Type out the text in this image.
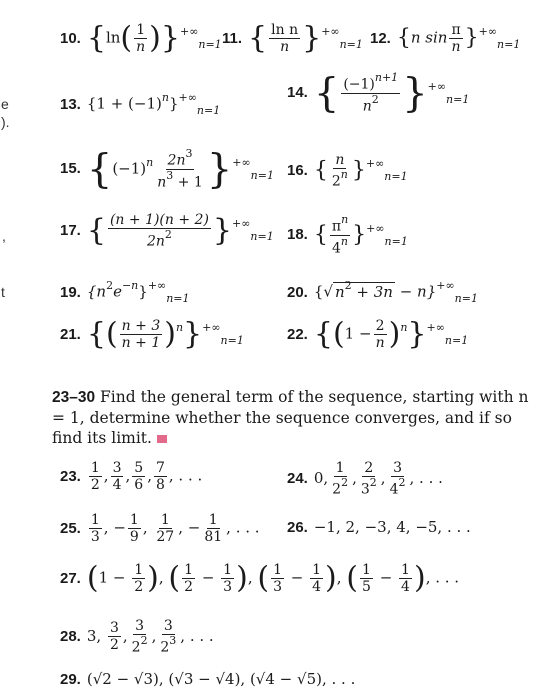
e
).
,
t
10. $\{\ln( \frac{1}{n} )\}+\infty n=1$ 11. { $\frac{\text{ln n}}{n} \}+\infty n=1$ 12. {n $\sin \frac{\pi}{n} \}+\infty n=1$
13. {1 + (−1)n}+∞n=1
14. { $\frac{(-1)n+1}{n2} \}+\infty n=1$
15. $\{(-1)n \frac{2n3}{n3 + 1} \}+\infty n=1$ 16. { $\frac{n}{2n} \}+\infty n=1$
17. { $\frac{(n + 1)(n + 2)}{2n2} \}+\infty n=1$ 18. { $\frac{\pi n}{4n} \}+\infty n=1$
19. {n2e−n}+∞n=1	20. {√ n2 + 3n − n}+∞n=1
21. {( $\frac{n + 3}{n + 1} )n\}+\infty n=1$	22. $\{(1 - \frac{2}{n} )n\}+\infty n=1$
23–30 Find the general term of the sequence, starting with n = 1, determine whether the sequence converges, and if so find its limit.
23. $\frac{1}{2}$ , $\frac{3}{4}$ , $\frac{5}{6}$ , $\frac{7}{8}$ , . . .	24. 0, $\frac{1}{22}$ , $\frac{2}{32}$ , $\frac{3}{42}$ , . . .
25. $\frac{1}{3}$ , − $\frac{1}{9}$ , $\frac{1}{27}$ , − $\frac{1}{81}$ , . . . 26. −1, 2, −3, 4, −5, . . .
27. ($1 - \frac{1}{2}$ ), ( $\frac{1}{2} - \frac{1}{3}$ ), ( $\frac{1}{3} - \frac{1}{4}$ ), ( $\frac{1}{5} - \frac{1}{4}$ ), . . .
28. 3, $\frac{3}{2}$ , $\frac{3}{22}$ , $\frac{3}{23}$ , . . .
29. (√2 − √3), (√3 − √4), (√4 − √5), . . .
